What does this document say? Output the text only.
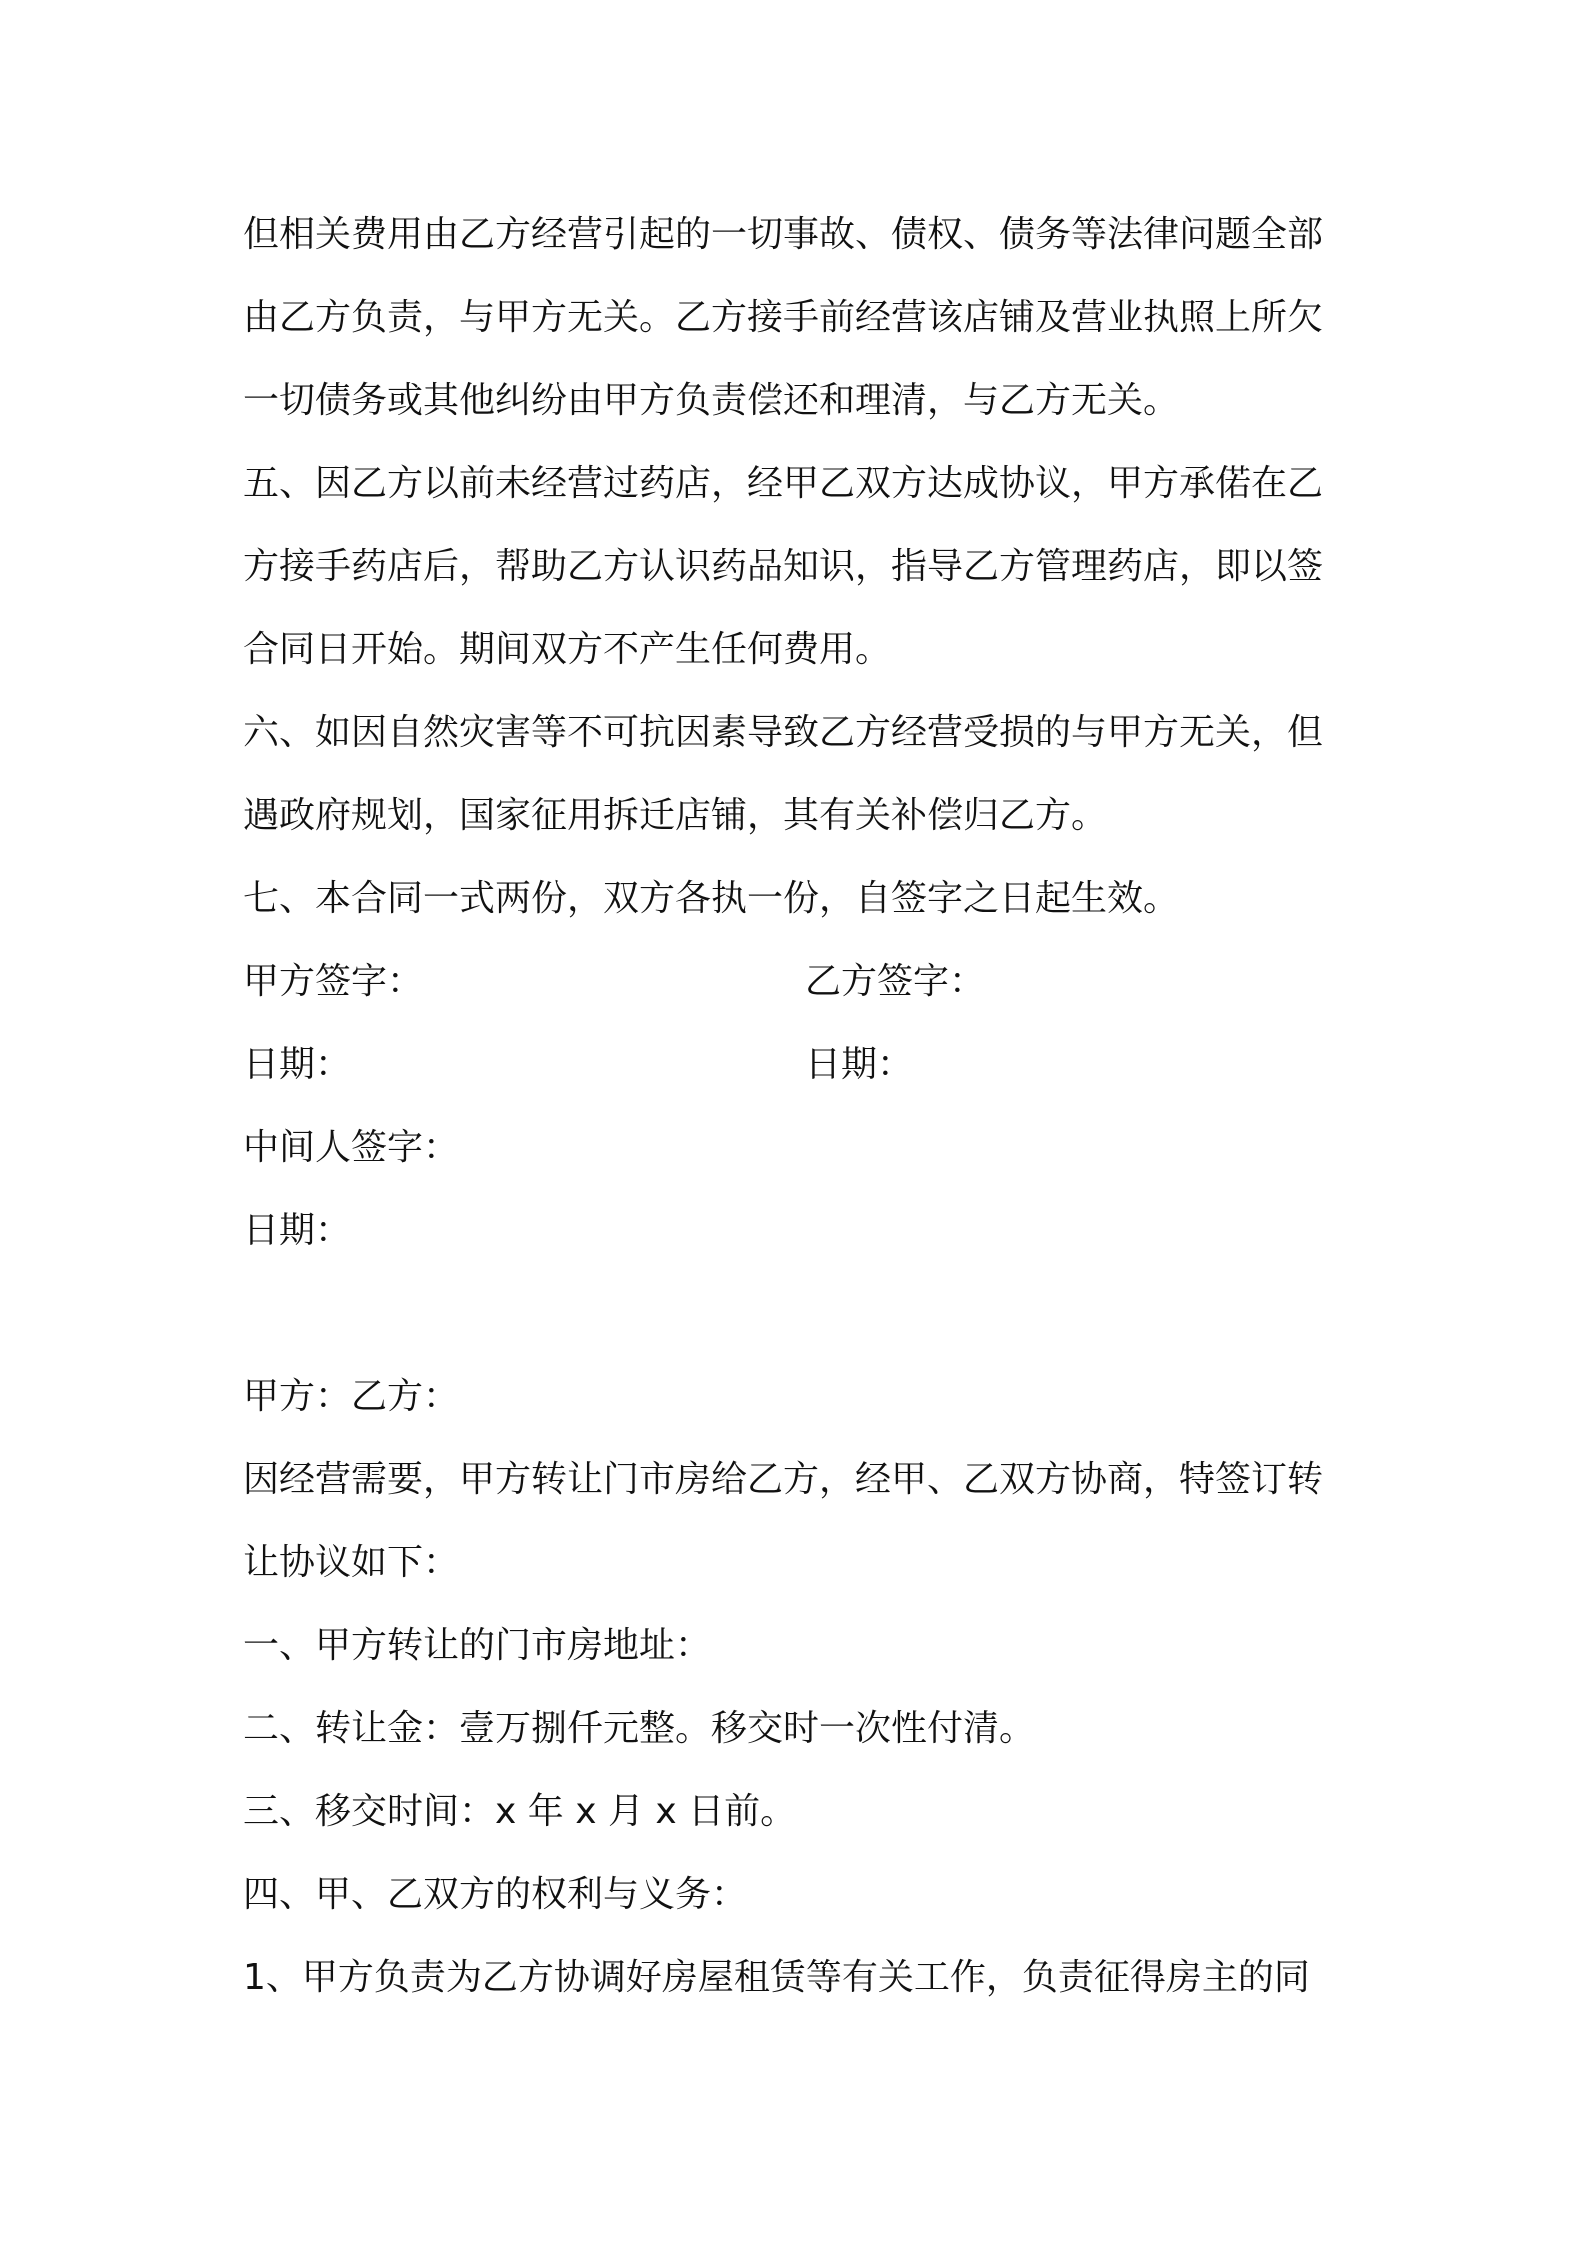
但相关费用由乙方经营引起的一切事故、债权、债务等法律问题全部
由乙方负责，与甲方无关。乙方接手前经营该店铺及营业执照上所欠
一切债务或其他纠纷由甲方负责偿还和理清，与乙方无关。
五、因乙方以前未经营过药店，经甲乙双方达成协议，甲方承偌在乙
方接手药店后，帮助乙方认识药品知识，指导乙方管理药店，即以签
合同日开始。期间双方不产生任何费用。
六、如因自然灾害等不可抗因素导致乙方经营受损的与甲方无关，但
遇政府规划，国家征用拆迁店铺，其有关补偿归乙方。
七、本合同一式两份，双方各执一份，自签字之日起生效。
甲方签字：	乙方签字：
日期：	日期：
中间人签字：
日期：
甲方：乙方：
因经营需要，甲方转让门市房给乙方，经甲、乙双方协商，特签订转
让协议如下：
一、甲方转让的门市房地址：
二、转让金：壹万捌仟元整。移交时一次性付清。
三、移交时间：x 年 x 月 x 日前。
四、甲、乙双方的权利与义务：
1、甲方负责为乙方协调好房屋租赁等有关工作，负责征得房主的同
